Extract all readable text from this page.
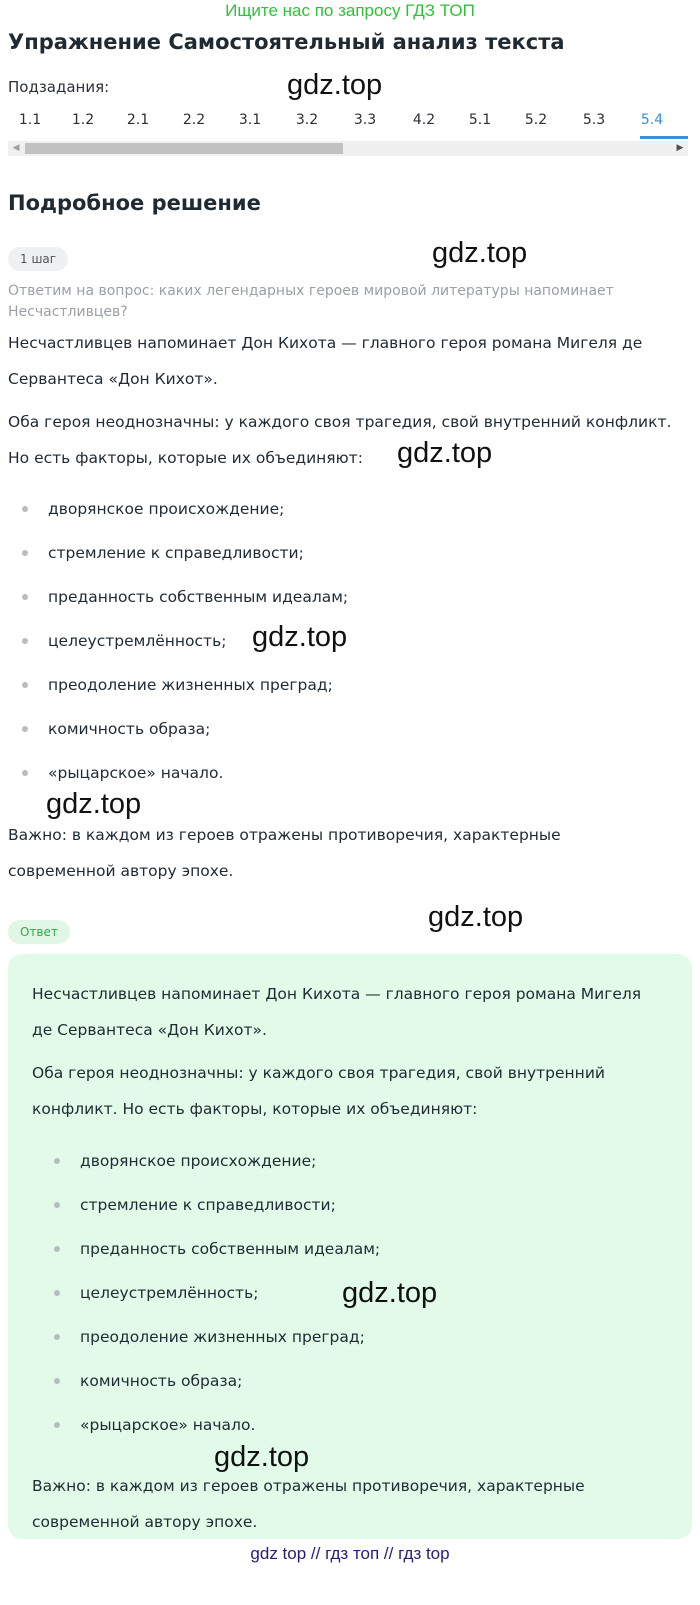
Ищите нас по запросу ГДЗ ТОП
Упражнение Самостоятельный анализ текста
Подзадания:	gdz.top
1.1	1.2	2.1	2.2	3.1	3.2	3.3	4.2	5.1	5.2	5.3	5.4
◀	▶
Подробное решение
1 шаг	gdz.top
Ответим на вопрос: каких легендарных героев мировой литературы напоминает
Несчастливцев?
Несчастливцев напоминает Дон Кихота — главного героя романа Мигеля де
Сервантеса «Дон Кихот».
Оба героя неоднозначны: у каждого своя трагедия, свой внутренний конфликт.
Но есть факторы, которые их объединяют:	gdz.top
дворянское происхождение;
стремление к справедливости;
преданность собственным идеалам;
целеустремлённость;
преодоление жизненных преград;
комичность образа;
«рыцарское» начало.
gdz.top
gdz.top
Важно: в каждом из героев отражены противоречия, характерные
современной автору эпохе.
gdz.top
Ответ
Несчастливцев напоминает Дон Кихота — главного героя романа Мигеля
де Сервантеса «Дон Кихот».
Оба героя неоднозначны: у каждого своя трагедия, свой внутренний
конфликт. Но есть факторы, которые их объединяют:
дворянское происхождение;
стремление к справедливости;
преданность собственным идеалам;
целеустремлённость;
преодоление жизненных преград;
комичность образа;
«рыцарское» начало.
Важно: в каждом из героев отражены противоречия, характерные
современной автору эпохе.
gdz.top
gdz.top
gdz top // гдз топ // гдз top
